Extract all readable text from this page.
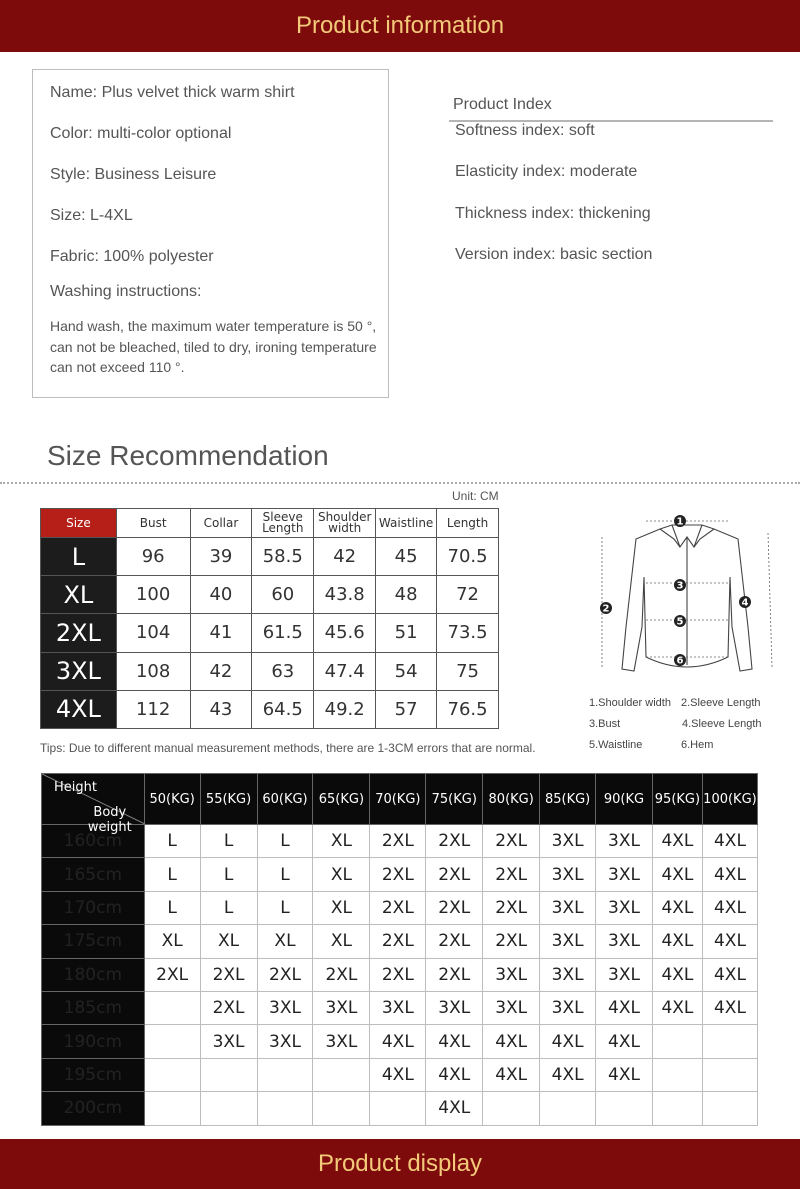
Product information
Name: Plus velvet thick warm shirt
Color: multi-color optional
Style: Business Leisure
Size: L-4XL
Fabric: 100% polyester
Washing instructions:
Hand wash, the maximum water temperature is 50 °, can not be bleached, tiled to dry, ironing temperature can not exceed 110 °.
Product Index
Softness index: soft
Elasticity index: moderate
Thickness index: thickening
Version index: basic section
Size Recommendation
Unit: CM
Size	Bust	Collar	Sleeve Length	Shoulder width	Waistline	Length
L	96	39	58.5	42	45	70.5
XL	100	40	60	43.8	48	72
2XL	104	41	61.5	45.6	51	73.5
3XL	108	42	63	47.4	54	75
4XL	112	43	64.5	49.2	57	76.5
Tips: Due to different manual measurement methods, there are 1-3CM errors that are normal.
1
2
3
4
5
6
1.Shoulder width 2.Sleeve Length
3.Bust	4.Sleeve Length
5.Waistline	6.Hem
Height
Body weight	50(KG)	55(KG)	60(KG)	65(KG)	70(KG)	75(KG)	80(KG)	85(KG)	90(KG	95(KG)	100(KG)
160cm	L	L	L	XL	2XL	2XL	2XL	3XL	3XL	4XL	4XL
165cm	L	L	L	XL	2XL	2XL	2XL	3XL	3XL	4XL	4XL
170cm	L	L	L	XL	2XL	2XL	2XL	3XL	3XL	4XL	4XL
175cm	XL	XL	XL	XL	2XL	2XL	2XL	3XL	3XL	4XL	4XL
180cm	2XL	2XL	2XL	2XL	2XL	2XL	3XL	3XL	3XL	4XL	4XL
185cm		2XL	3XL	3XL	3XL	3XL	3XL	3XL	4XL	4XL	4XL
190cm		3XL	3XL	3XL	4XL	4XL	4XL	4XL	4XL		
195cm					4XL	4XL	4XL	4XL	4XL		
200cm						4XL					
Product display
